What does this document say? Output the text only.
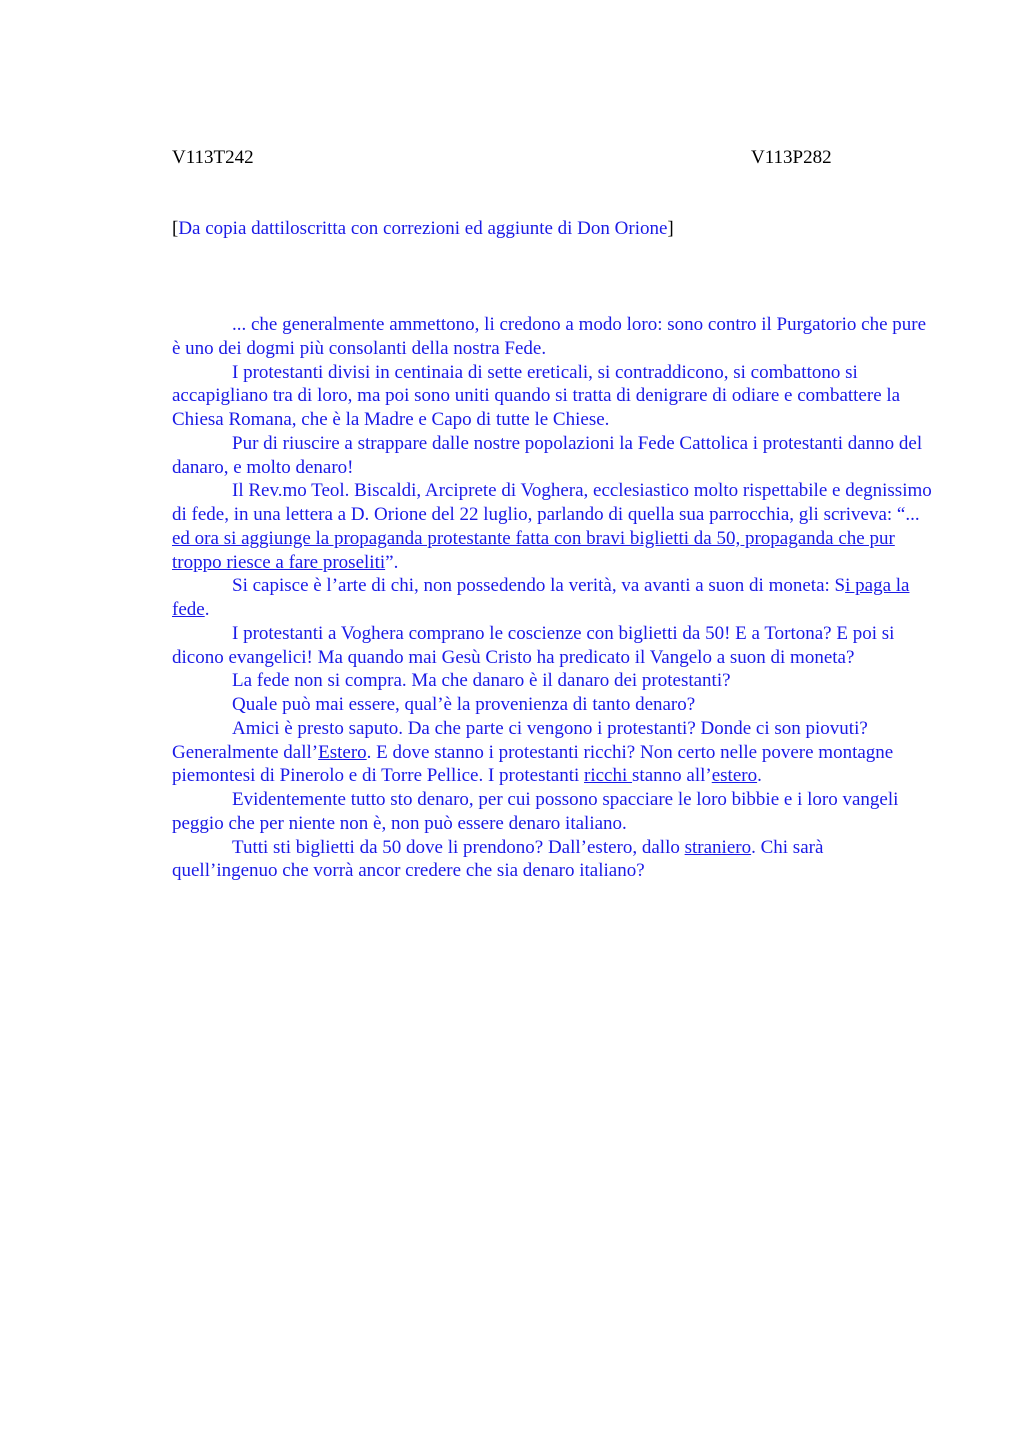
V113T242	V113P282
[Da copia dattiloscritta con correzioni ed aggiunte di Don Orione]

... che generalmente ammettono, li credono a modo loro: sono contro il Purgatorio che pure è uno dei dogmi più consolanti della nostra Fede.

I protestanti divisi in centinaia di sette ereticali, si contraddicono, si combattono si accapigliano tra di loro, ma poi sono uniti quando si tratta di denigrare di odiare e combattere la Chiesa Romana, che è la Madre e Capo di tutte le Chiese.

Pur di riuscire a strappare dalle nostre popolazioni la Fede Cattolica i protestanti danno del danaro, e molto denaro!

Il Rev.mo Teol. Biscaldi, Arciprete di Voghera, ecclesiastico molto rispettabile e degnissimo di fede, in una lettera a D. Orione del 22 luglio, parlando di quella sua parrocchia, gli scriveva: “... ed ora si aggiunge la propaganda protestante fatta con bravi biglietti da 50, propaganda che pur troppo riesce a fare proseliti”.

Si capisce è l’arte di chi, non possedendo la verità, va avanti a suon di moneta: Si paga la fede.

I protestanti a Voghera comprano le coscienze con biglietti da 50! E a Tortona? E poi si dicono evangelici! Ma quando mai Gesù Cristo ha predicato il Vangelo a suon di moneta?

La fede non si compra. Ma che danaro è il danaro dei protestanti?

Quale può mai essere, qual’è la provenienza di tanto denaro?

Amici è presto saputo. Da che parte ci vengono i protestanti? Donde ci son piovuti? Generalmente dall’Estero. E dove stanno i protestanti ricchi? Non certo nelle povere montagne piemontesi di Pinerolo e di Torre Pellice. I protestanti ricchi stanno all’estero.

Evidentemente tutto sto denaro, per cui possono spacciare le loro bibbie e i loro vangeli peggio che per niente non è, non può essere denaro italiano.

Tutti sti biglietti da 50 dove li prendono? Dall’estero, dallo straniero. Chi sarà quell’ingenuo che vorrà ancor credere che sia denaro italiano?
